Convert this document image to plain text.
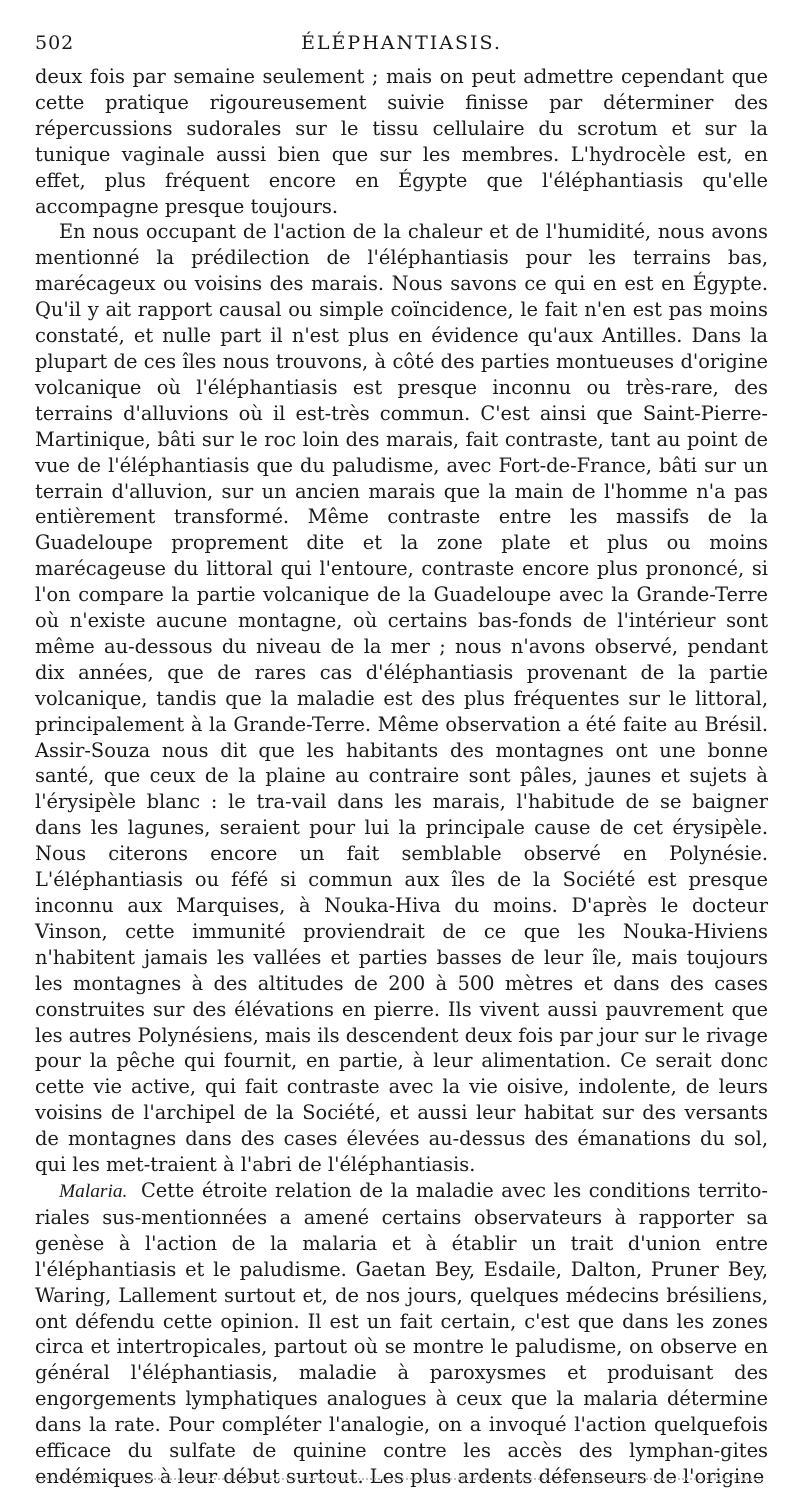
502	ÉLÉPHANTIASIS.

deux fois par semaine seulement ; mais on peut admettre cependant que cette pratique rigoureusement suivie finisse par déterminer des répercussions sudorales sur le tissu cellulaire du scrotum et sur la tunique vaginale aussi bien que sur les membres. L'hydrocèle est, en effet, plus fréquent encore en Égypte que l'éléphantiasis qu'elle accompagne presque toujours.

En nous occupant de l'action de la chaleur et de l'humidité, nous avons mentionné la prédilection de l'éléphantiasis pour les terrains bas, marécageux ou voisins des marais. Nous savons ce qui en est en Égypte. Qu'il y ait rapport causal ou simple coïncidence, le fait n'en est pas moins constaté, et nulle part il n'est plus en évidence qu'aux Antilles. Dans la plupart de ces îles nous trouvons, à côté des parties montueuses d'origine volcanique où l'éléphantiasis est presque inconnu ou très-rare, des terrains d'alluvions où il est-très commun. C'est ainsi que Saint-Pierre-Martinique, bâti sur le roc loin des marais, fait contraste, tant au point de vue de l'éléphantiasis que du paludisme, avec Fort-de-France, bâti sur un terrain d'alluvion, sur un ancien marais que la main de l'homme n'a pas entièrement transformé. Même contraste entre les massifs de la Guadeloupe proprement dite et la zone plate et plus ou moins marécageuse du littoral qui l'entoure, contraste encore plus prononcé, si l'on compare la partie volcanique de la Guadeloupe avec la Grande-Terre où n'existe aucune montagne, où certains bas-fonds de l'intérieur sont même au-dessous du niveau de la mer ; nous n'avons observé, pendant dix années, que de rares cas d'éléphantiasis provenant de la partie volcanique, tandis que la maladie est des plus fréquentes sur le littoral, principalement à la Grande-Terre. Même observation a été faite au Brésil. Assir-Souza nous dit que les habitants des montagnes ont une bonne santé, que ceux de la plaine au contraire sont pâles, jaunes et sujets à l'érysipèle blanc : le tra-vail dans les marais, l'habitude de se baigner dans les lagunes, seraient pour lui la principale cause de cet érysipèle. Nous citerons encore un fait semblable observé en Polynésie. L'éléphantiasis ou féfé si commun aux îles de la Société est presque inconnu aux Marquises, à Nouka-Hiva du moins. D'après le docteur Vinson, cette immunité proviendrait de ce que les Nouka-Hiviens n'habitent jamais les vallées et parties basses de leur île, mais toujours les montagnes à des altitudes de 200 à 500 mètres et dans des cases construites sur des élévations en pierre. Ils vivent aussi pauvrement que les autres Polynésiens, mais ils descendent deux fois par jour sur le rivage pour la pêche qui fournit, en partie, à leur alimentation. Ce serait donc cette vie active, qui fait contraste avec la vie oisive, indolente, de leurs voisins de l'archipel de la Société, et aussi leur habitat sur des versants de montagnes dans des cases élevées au-dessus des émanations du sol, qui les met-traient à l'abri de l'éléphantiasis.

Malaria. Cette étroite relation de la maladie avec les conditions territo-riales sus-mentionnées a amené certains observateurs à rapporter sa genèse à l'action de la malaria et à établir un trait d'union entre l'éléphantiasis et le paludisme. Gaetan Bey, Esdaile, Dalton, Pruner Bey, Waring, Lallement surtout et, de nos jours, quelques médecins brésiliens, ont défendu cette opinion. Il est un fait certain, c'est que dans les zones circa et intertropicales, partout où se montre le paludisme, on observe en général l'éléphantiasis, maladie à paroxysmes et produisant des engorgements lymphatiques analogues à ceux que la malaria détermine dans la rate. Pour compléter l'analogie, on a invoqué l'action quelquefois efficace du sulfate de quinine contre les accès des lymphan-gites endémiques à leur début surtout. Les plus ardents défenseurs de l'origine
